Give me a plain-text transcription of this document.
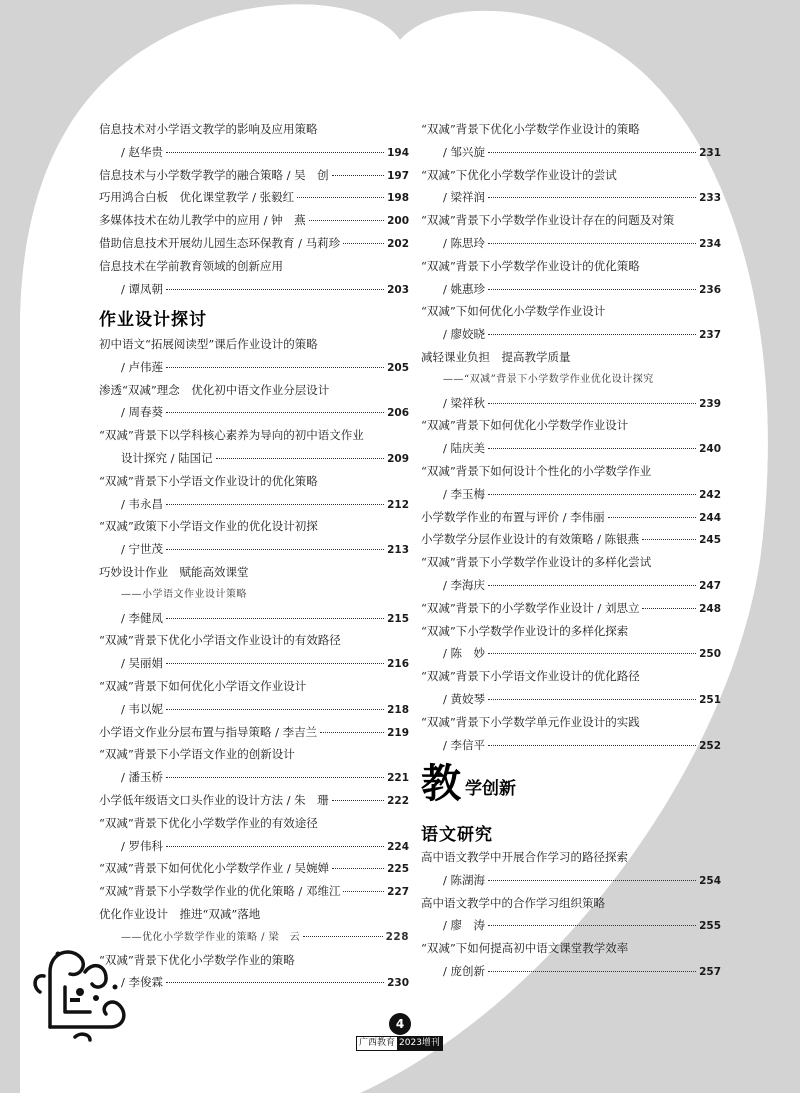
信息技术对小学语文教学的影响及应用策略
/ 赵华贵	194
信息技术与小学数学教学的融合策略 / 吴　创	197
巧用鸿合白板　优化课堂教学 / 张毅红	198
多媒体技术在幼儿教学中的应用 / 钟　燕	200
借助信息技术开展幼儿园生态环保教育 / 马莉珍	202
信息技术在学前教育领域的创新应用
/ 谭凤朝	203
作业设计探讨
初中语文“拓展阅读型”课后作业设计的策略
/ 卢伟莲	205
渗透“双减”理念　优化初中语文作业分层设计
/ 周春葵	206
“双减”背景下以学科核心素养为导向的初中语文作业
设计探究 / 陆国记	209
“双减”背景下小学语文作业设计的优化策略
/ 韦永昌	212
“双减”政策下小学语文作业的优化设计初探
/ 宁世茂	213
巧妙设计作业　赋能高效课堂
——小学语文作业设计策略
/ 李健凤	215
“双减”背景下优化小学语文作业设计的有效路径
/ 吴丽娟	216
“双减”背景下如何优化小学语文作业设计
/ 韦以妮	218
小学语文作业分层布置与指导策略 / 李吉兰	219
“双减”背景下小学语文作业的创新设计
/ 潘玉桥	221
小学低年级语文口头作业的设计方法 / 朱　珊	222
“双减”背景下优化小学数学作业的有效途径
/ 罗伟科	224
“双减”背景下如何优化小学数学作业 / 吴婉婵	225
“双减”背景下小学数学作业的优化策略 / 邓维江	227
优化作业设计　推进“双减”落地
——优化小学数学作业的策略 / 梁　云	228
“双减”背景下优化小学数学作业的策略
/ 李俊霖	230
“双减”背景下优化小学数学作业设计的策略
/ 邹兴旋	231
“双减”下优化小学数学作业设计的尝试
/ 梁祥润	233
“双减”背景下小学数学作业设计存在的问题及对策
/ 陈思玲	234
“双减”背景下小学数学作业设计的优化策略
/ 姚惠珍	236
“双减”下如何优化小学数学作业设计
/ 廖姣晓	237
减轻课业负担　提高教学质量
——“双减”背景下小学数学作业优化设计探究
/ 梁祥秋	239
“双减”背景下如何优化小学数学作业设计
/ 陆庆美	240
“双减”背景下如何设计个性化的小学数学作业
/ 李玉梅	242
小学数学作业的布置与评价 / 李伟丽	244
小学数学分层作业设计的有效策略 / 陈银燕	245
“双减”背景下小学数学作业设计的多样化尝试
/ 李海庆	247
“双减”背景下的小学数学作业设计 / 刘思立	248
“双减”下小学数学作业设计的多样化探索
/ 陈　妙	250
“双减”背景下小学语文作业设计的优化路径
/ 黄姣琴	251
“双减”背景下小学数学单元作业设计的实践
/ 李信平	252
语文研究
高中语文教学中开展合作学习的路径探索
/ 陈湖海	254
高中语文教学中的合作学习组织策略
/ 廖　涛	255
“双减”下如何提高初中语文课堂教学效率
/ 庞创新	257
教 学创新
4
广西教育 2023增刊
